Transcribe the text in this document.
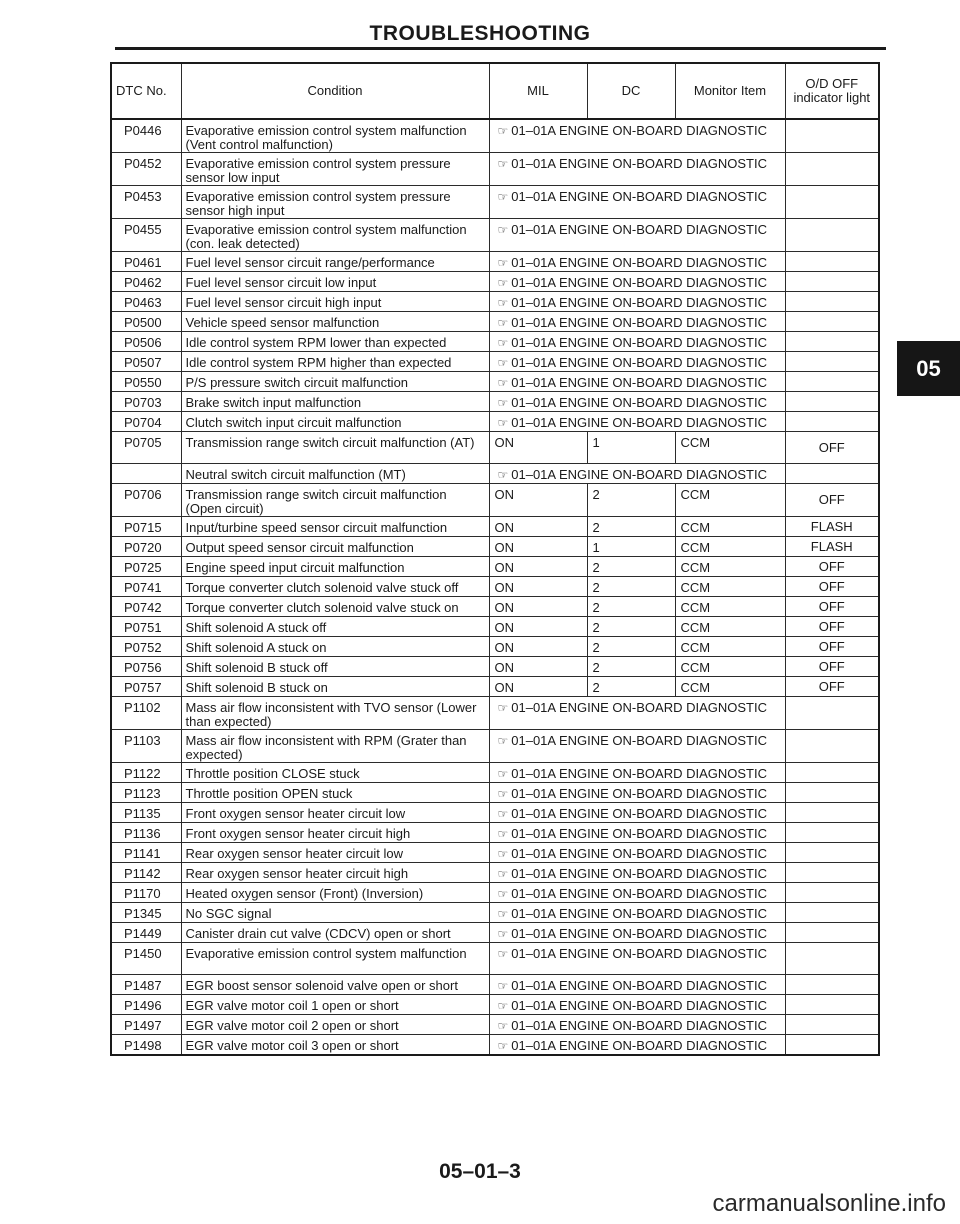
TROUBLESHOOTING
05
DTC No.	Condition	MIL	DC	Monitor Item	O/D OFF indicator light
P0446	Evaporative emission control system malfunction (Vent control malfunction)	☞ 01–01A ENGINE ON-BOARD DIAGNOSTIC			
P0452	Evaporative emission control system pressure sensor low input	☞ 01–01A ENGINE ON-BOARD DIAGNOSTIC			
P0453	Evaporative emission control system pressure sensor high input	☞ 01–01A ENGINE ON-BOARD DIAGNOSTIC			
P0455	Evaporative emission control system malfunction (con. leak detected)	☞ 01–01A ENGINE ON-BOARD DIAGNOSTIC			
P0461	Fuel level sensor circuit range/performance	☞ 01–01A ENGINE ON-BOARD DIAGNOSTIC			
P0462	Fuel level sensor circuit low input	☞ 01–01A ENGINE ON-BOARD DIAGNOSTIC			
P0463	Fuel level sensor circuit high input	☞ 01–01A ENGINE ON-BOARD DIAGNOSTIC			
P0500	Vehicle speed sensor malfunction	☞ 01–01A ENGINE ON-BOARD DIAGNOSTIC			
P0506	Idle control system RPM lower than expected	☞ 01–01A ENGINE ON-BOARD DIAGNOSTIC			
P0507	Idle control system RPM higher than expected	☞ 01–01A ENGINE ON-BOARD DIAGNOSTIC			
P0550	P/S pressure switch circuit malfunction	☞ 01–01A ENGINE ON-BOARD DIAGNOSTIC			
P0703	Brake switch input malfunction	☞ 01–01A ENGINE ON-BOARD DIAGNOSTIC			
P0704	Clutch switch input circuit malfunction	☞ 01–01A ENGINE ON-BOARD DIAGNOSTIC			
P0705	Transmission range switch circuit malfunction (AT)	ON	1	CCM	OFF
	Neutral switch circuit malfunction (MT)	☞ 01–01A ENGINE ON-BOARD DIAGNOSTIC			
P0706	Transmission range switch circuit malfunction (Open circuit)	ON	2	CCM	OFF
P0715	Input/turbine speed sensor circuit malfunction	ON	2	CCM	FLASH
P0720	Output speed sensor circuit malfunction	ON	1	CCM	FLASH
P0725	Engine speed input circuit malfunction	ON	2	CCM	OFF
P0741	Torque converter clutch solenoid valve stuck off	ON	2	CCM	OFF
P0742	Torque converter clutch solenoid valve stuck on	ON	2	CCM	OFF
P0751	Shift solenoid A stuck off	ON	2	CCM	OFF
P0752	Shift solenoid A stuck on	ON	2	CCM	OFF
P0756	Shift solenoid B stuck off	ON	2	CCM	OFF
P0757	Shift solenoid B stuck on	ON	2	CCM	OFF
P1102	Mass air flow inconsistent with TVO sensor (Lower than expected)	☞ 01–01A ENGINE ON-BOARD DIAGNOSTIC			
P1103	Mass air flow inconsistent with RPM (Grater than expected)	☞ 01–01A ENGINE ON-BOARD DIAGNOSTIC			
P1122	Throttle position CLOSE stuck	☞ 01–01A ENGINE ON-BOARD DIAGNOSTIC			
P1123	Throttle position OPEN stuck	☞ 01–01A ENGINE ON-BOARD DIAGNOSTIC			
P1135	Front oxygen sensor heater circuit low	☞ 01–01A ENGINE ON-BOARD DIAGNOSTIC			
P1136	Front oxygen sensor heater circuit high	☞ 01–01A ENGINE ON-BOARD DIAGNOSTIC			
P1141	Rear oxygen sensor heater circuit low	☞ 01–01A ENGINE ON-BOARD DIAGNOSTIC			
P1142	Rear oxygen sensor heater circuit high	☞ 01–01A ENGINE ON-BOARD DIAGNOSTIC			
P1170	Heated oxygen sensor (Front) (Inversion)	☞ 01–01A ENGINE ON-BOARD DIAGNOSTIC			
P1345	No SGC signal	☞ 01–01A ENGINE ON-BOARD DIAGNOSTIC			
P1449	Canister drain cut valve (CDCV) open or short	☞ 01–01A ENGINE ON-BOARD DIAGNOSTIC			
P1450	Evaporative emission control system malfunction	☞ 01–01A ENGINE ON-BOARD DIAGNOSTIC			
P1487	EGR boost sensor solenoid valve open or short	☞ 01–01A ENGINE ON-BOARD DIAGNOSTIC			
P1496	EGR valve motor coil 1 open or short	☞ 01–01A ENGINE ON-BOARD DIAGNOSTIC			
P1497	EGR valve motor coil 2 open or short	☞ 01–01A ENGINE ON-BOARD DIAGNOSTIC			
P1498	EGR valve motor coil 3 open or short	☞ 01–01A ENGINE ON-BOARD DIAGNOSTIC			
05–01–3
carmanualsonline.info
